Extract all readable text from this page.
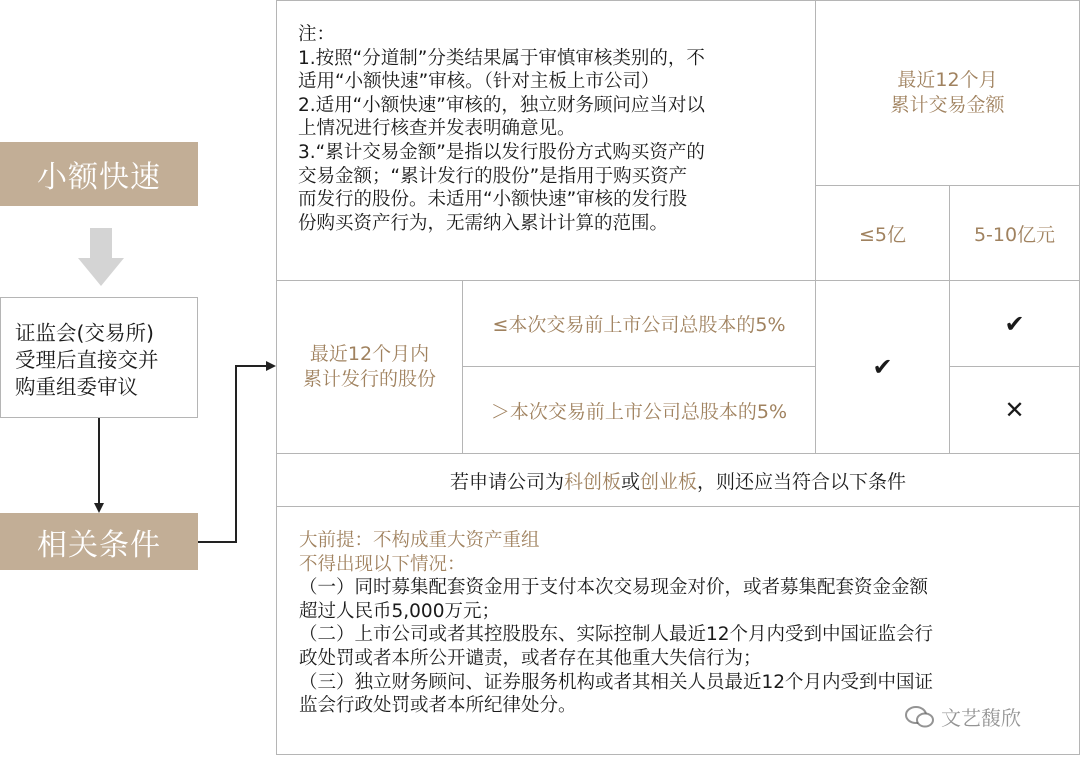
小额快速
证监会(交易所)
受理后直接交并
购重组委审议
相关条件
注：
1.按照“分道制”分类结果属于审慎审核类别的，不
适用“小额快速”审核。（针对主板上市公司）
2.适用“小额快速”审核的，独立财务顾问应当对以
上情况进行核查并发表明确意见。
3.“累计交易金额”是指以发行股份方式购买资产的
交易金额；“累计发行的股份”是指用于购买资产
而发行的股份。未适用“小额快速”审核的发行股
份购买资产行为，无需纳入累计计算的范围。
最近12个月
累计交易金额
≤5亿	5-10亿元
最近12个月内
累计发行的股份
≤本次交易前上市公司总股本的5%
＞本次交易前上市公司总股本的5%
✔
✔
✕
若申请公司为科创板或创业板，则还应当符合以下条件
大前提：不构成重大资产重组
不得出现以下情况：
（一）同时募集配套资金用于支付本次交易现金对价，或者募集配套资金金额
超过人民币5,000万元；
（二）上市公司或者其控股股东、实际控制人最近12个月内受到中国证监会行
政处罚或者本所公开谴责，或者存在其他重大失信行为；
（三）独立财务顾问、证券服务机构或者其相关人员最近12个月内受到中国证
监会行政处罚或者本所纪律处分。
文艺馥欣
